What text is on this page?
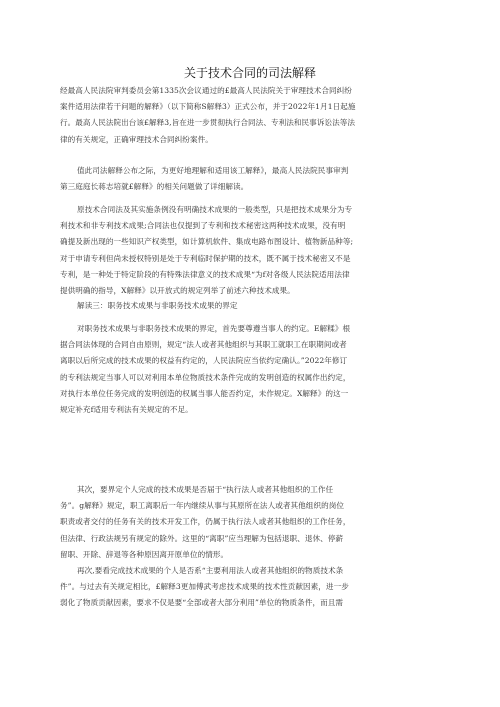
关于技术合同的司法解释
经最高人民法院审判委员会第1335次会议通过的£最高人民法院关于审理技术合同纠纷
案件适用法律若干问题的解释》（以下简称S解释3）正式公布，并于2022年1月1日起施
行。最高人民法院出台该£解释3,旨在进一步贯彻执行合同法、专利法和民事诉讼法等法
律的有关规定，正确审理技术合同纠纷案件。
值此司法解释公布之际，为更好地理解和适用该工解释》，最高人民法院民事审判
第三庭庭长蒋志培就£解释》的相关问题做了详细解读。
原技术合同法及其实施条例没有明确技术成果的一般类型，只是把技术成果分为专
利技术和非专利技术成果;合同法也仅提到了专利和技术秘密这两种技术成果，没有明
确提及新出现的一些知识产权类型，如计算机软件、集成电路布图设计、植物新品种等;
对于申请专利但尚未授权特别是处于专利临时保护期的技术，既不属于技术秘密又不是
专利，是一种处于特定阶段的有特殊法律意义的技术成果“为f对各级人民法院适用法律
提供明确的指导，X解释》以开放式的规定列举了前述六种技术成果。
解读三：职务技术成果与非职务技术成果的界定
对职务技术成果与非职务技术成果的界定，首先要尊遵当事人的约定。E解糅》根
据合同法体现的合同自由原则，规定“法人或者其他组织与其职工就职工在职期间或者
离职以后所完成的技术成果的权益有约定的，人民法院应当依约定确认。”2022年修订
的专利法规定当事人可以对利用本单位物质技术条件完成的发明创造的权属作出约定，
对执行本单位任务完成的发明创造的权属当事人能否约定，未作规定。X解释》的这一
规定补充f适用专利法有关规定的不足。
其次，要界定个人完成的技术成果是否届于“执行法人或者其他组织的工作任
务”。g解释》规定，职工离职后一年内继续从事与其原所在法人或者其他组织的岗位
职责或者交付的任务有关的技术开发工作，仍属于执行法人或者其他组织的工作任务，
但法律、行政法规另有规定的除外。这里的“离职”应当理解为包括退职、退休、停薪
留职、开除、辞退等各种原因离开原单位的情形。
再次,要看完成技术成果的个人是否系“主要利用法人或者其他组织的物质技术条
件”。与过去有关规定相比，£解释3更加傅武考虑技术成果的技术性贡献因素，进一步
弱化了物质贡献因素，要求不仅是要“全部或者大部分利用”单位的物质条件，而且需
